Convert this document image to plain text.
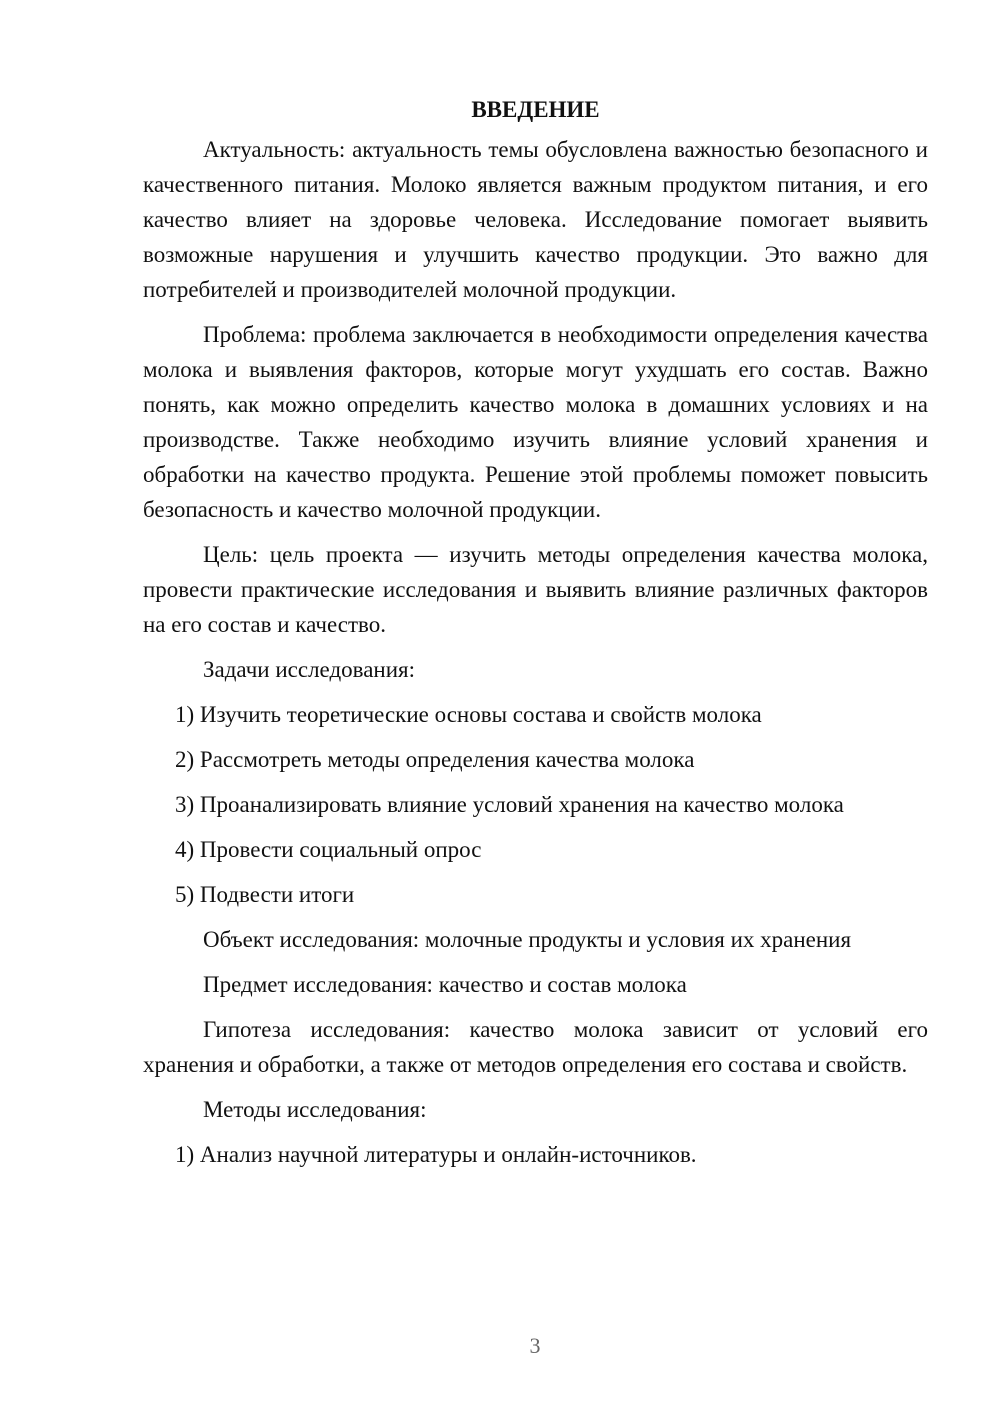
ВВЕДЕНИЕ

Актуальность: актуальность темы обусловлена важностью безопасного и качественного питания. Молоко является важным продуктом питания, и его качество влияет на здоровье человека. Исследование помогает выявить возможные нарушения и улучшить качество продукции. Это важно для потребителей и производителей молочной продукции.

Проблема: проблема заключается в необходимости определения качества молока и выявления факторов, которые могут ухудшать его состав. Важно понять, как можно определить качество молока в домашних условиях и на производстве. Также необходимо изучить влияние условий хранения и обработки на качество продукта. Решение этой проблемы поможет повысить безопасность и качество молочной продукции.

Цель: цель проекта — изучить методы определения качества молока, провести практические исследования и выявить влияние различных факторов на его состав и качество.

Задачи исследования:
1) Изучить теоретические основы состава и свойств молока
2) Рассмотреть методы определения качества молока
3) Проанализировать влияние условий хранения на качество молока
4) Провести социальный опрос
5) Подвести итоги
Объект исследования: молочные продукты и условия их хранения
Предмет исследования: качество и состав молока

Гипотеза исследования: качество молока зависит от условий его хранения и обработки, а также от методов определения его состава и свойств.

Методы исследования:
1) Анализ научной литературы и онлайн-источников.
3
